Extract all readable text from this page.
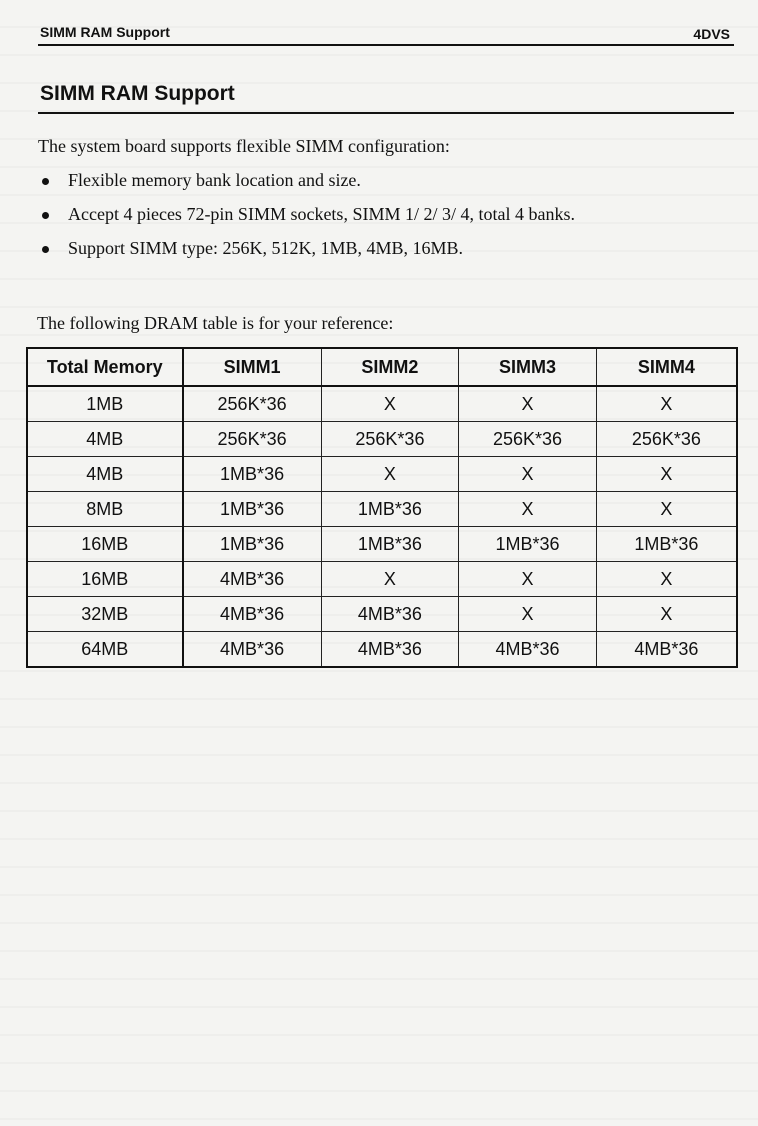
SIMM RAM Support	4DVS
SIMM RAM Support
The system board supports flexible SIMM configuration:
Flexible memory bank location and size.
Accept 4 pieces 72-pin SIMM sockets, SIMM 1/ 2/ 3/ 4, total 4 banks.
Support SIMM type: 256K, 512K, 1MB, 4MB, 16MB.
The following DRAM table is for your reference:
Total Memory	SIMM1	SIMM2	SIMM3	SIMM4
1MB	256K*36	X	X	X
4MB	256K*36	256K*36	256K*36	256K*36
4MB	1MB*36	X	X	X
8MB	1MB*36	1MB*36	X	X
16MB	1MB*36	1MB*36	1MB*36	1MB*36
16MB	4MB*36	X	X	X
32MB	4MB*36	4MB*36	X	X
64MB	4MB*36	4MB*36	4MB*36	4MB*36
